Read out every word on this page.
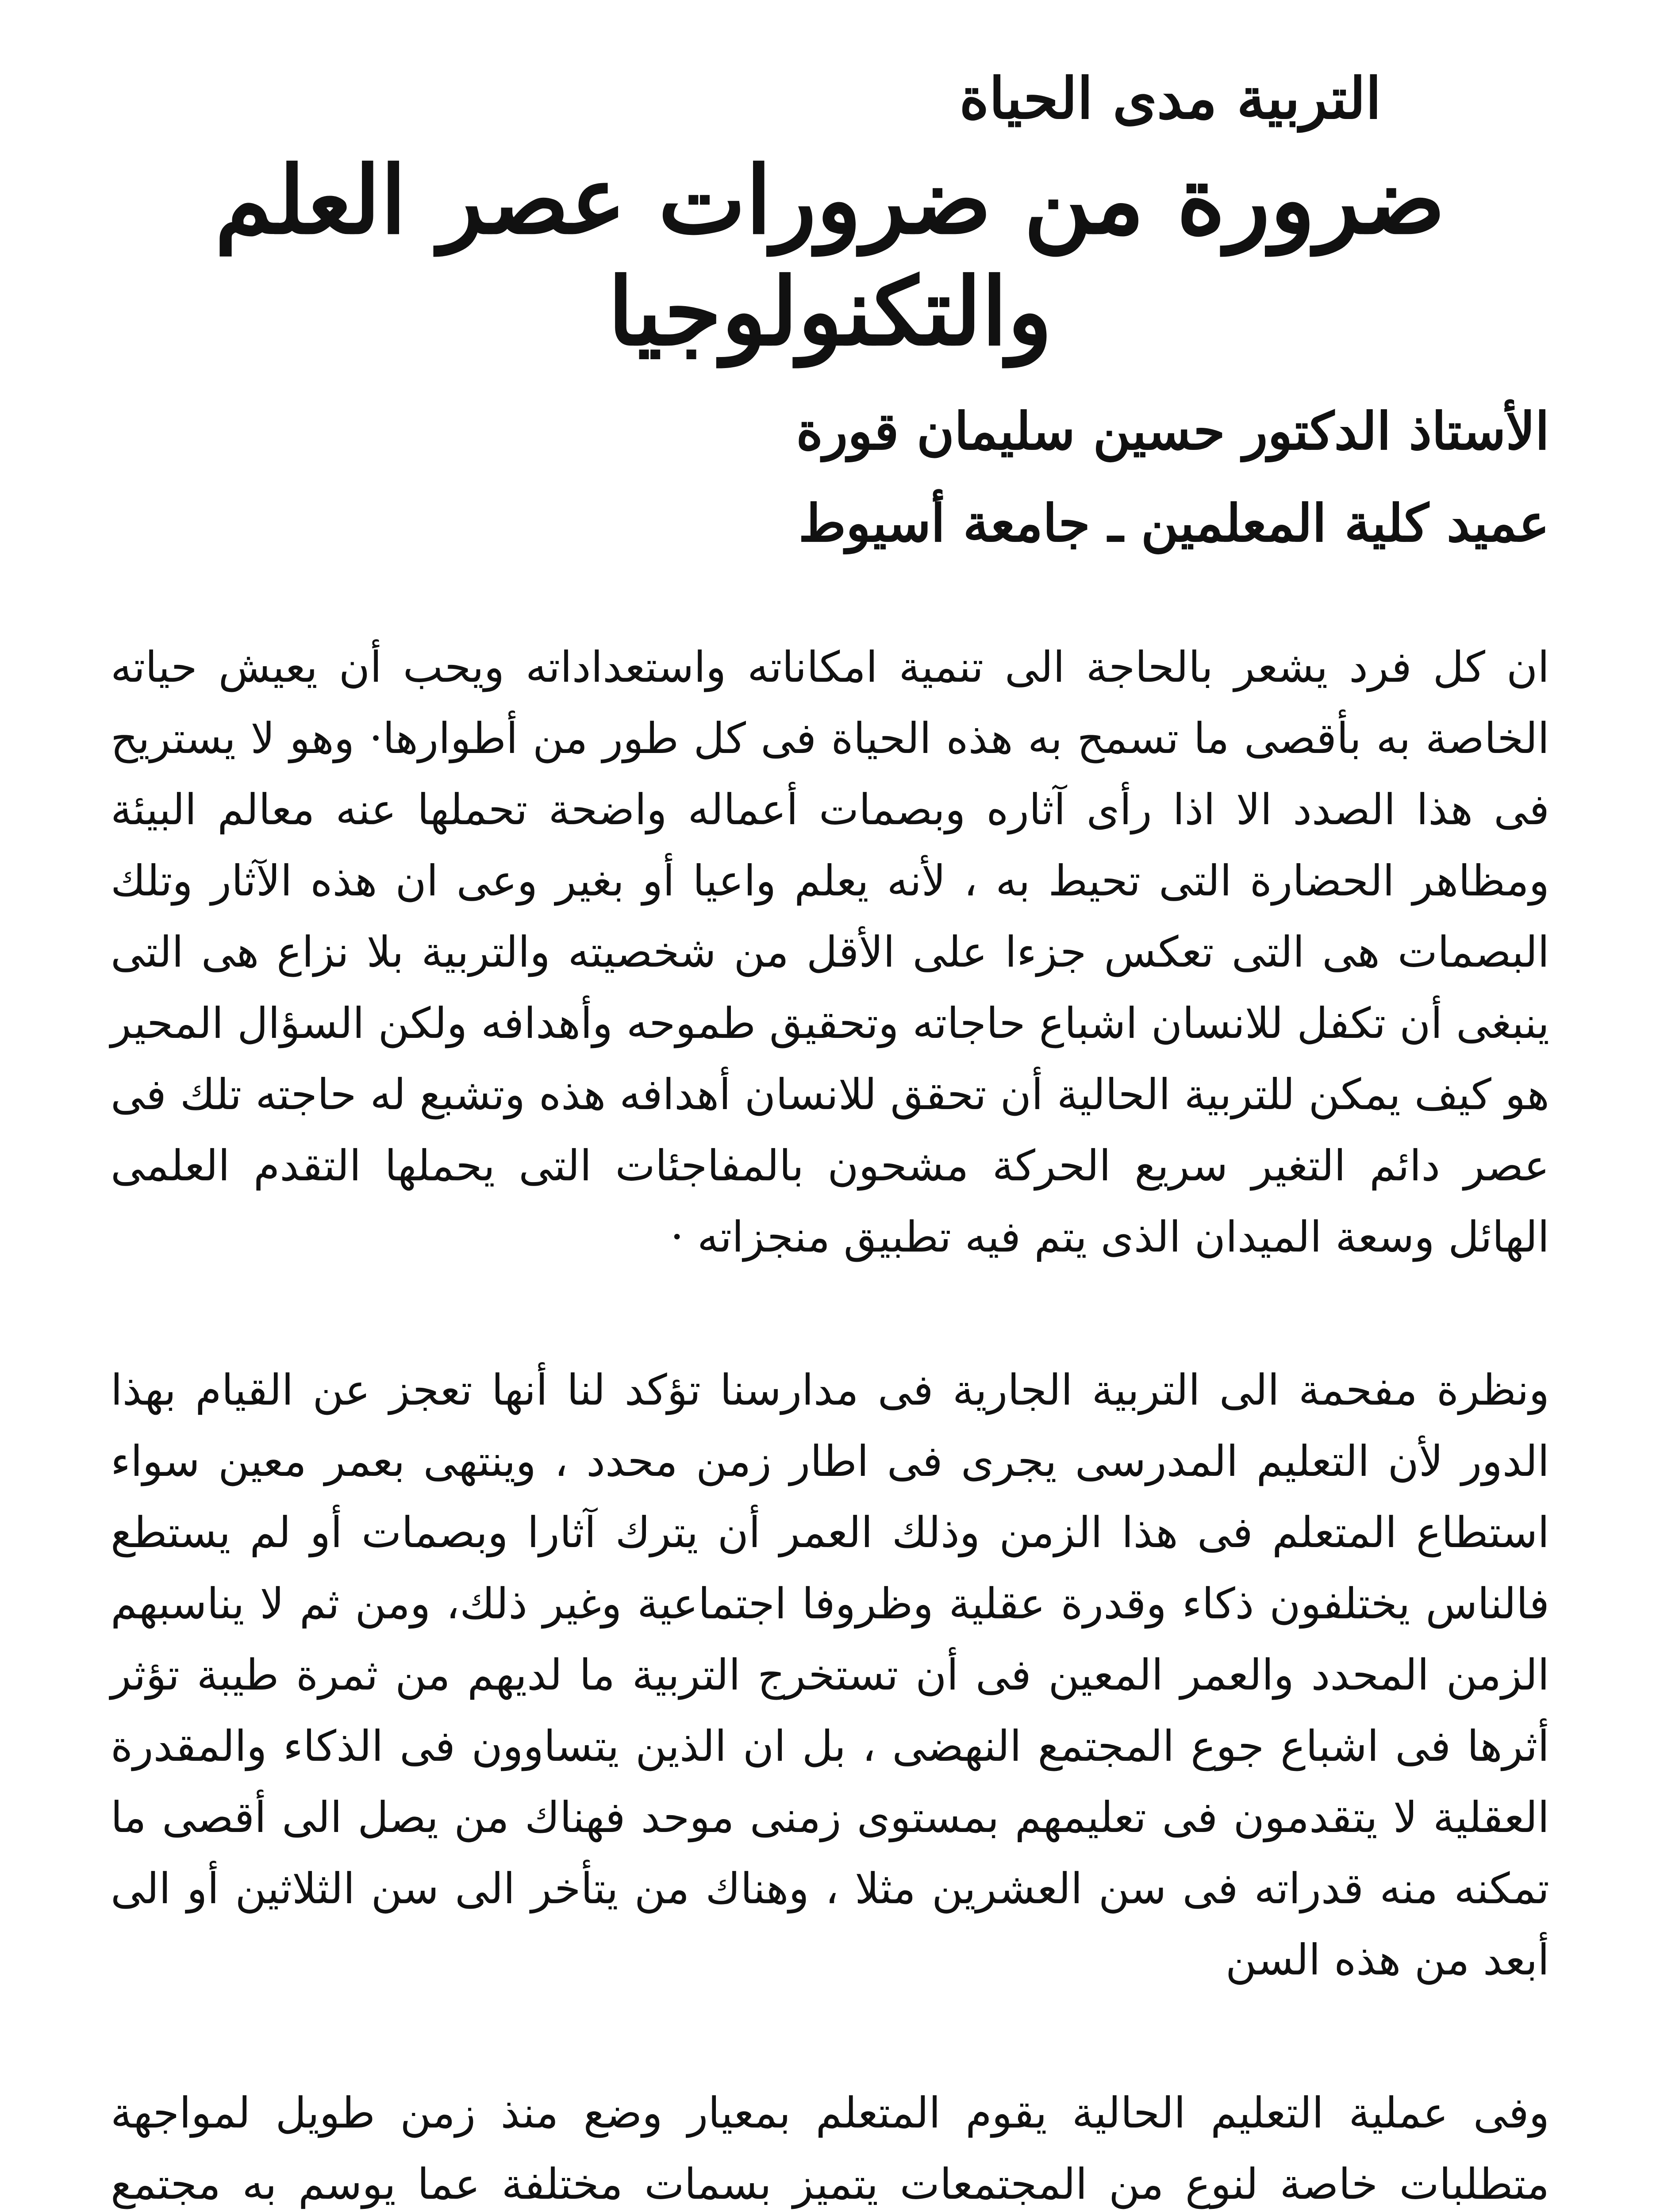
التربية مدى الحياة
ضرورة من ضرورات عصر العلم والتكنولوجيا
الأستاذ الدكتور حسين سليمان قورة
عميد كلية المعلمين ـ جامعة أسيوط

ان كل فرد يشعر بالحاجة الى تنمية امكاناته واستعداداته ويحب أن يعيش حياته الخاصة به بأقصى ما تسمح به هذه الحياة فى كل طور من أطوارها· وهو لا يستريح فى هذا الصدد الا اذا رأى آثاره وبصمات أعماله واضحة تحملها عنه معالم البيئة ومظاهر الحضارة التى تحيط به ، لأنه يعلم واعيا أو بغير وعى ان هذه الآثار وتلك البصمات هى التى تعكس جزءا على الأقل من شخصيته والتربية بلا نزاع هى التى ينبغى أن تكفل للانسان اشباع حاجاته وتحقيق طموحه وأهدافه ولكن السؤال المحير هو كيف يمكن للتربية الحالية أن تحقق للانسان أهدافه هذه وتشبع له حاجته تلك فى عصر دائم التغير سريع الحركة مشحون بالمفاجئات التى يحملها التقدم العلمى الهائل وسعة الميدان الذى يتم فيه تطبيق منجزاته ·

ونظرة مفحمة الى التربية الجارية فى مدارسنا تؤكد لنا أنها تعجز عن القيام بهذا الدور لأن التعليم المدرسى يجرى فى اطار زمن محدد ، وينتهى بعمر معين سواء استطاع المتعلم فى هذا الزمن وذلك العمر أن يترك آثارا وبصمات أو لم يستطع فالناس يختلفون ذكاء وقدرة عقلية وظروفا اجتماعية وغير ذلك، ومن ثم لا يناسبهم الزمن المحدد والعمر المعين فى أن تستخرج التربية ما لديهم من ثمرة طيبة تؤثر أثرها فى اشباع جوع المجتمع النهضى ، بل ان الذين يتساوون فى الذكاء والمقدرة العقلية لا يتقدمون فى تعليمهم بمستوى زمنى موحد فهناك من يصل الى أقصى ما تمكنه منه قدراته فى سن العشرين مثلا ، وهناك من يتأخر الى سن الثلاثين أو الى أبعد من هذه السن

وفى عملية التعليم الحالية يقوم المتعلم بمعيار وضع منذ زمن طويل لمواجهة متطلبات خاصة لنوع من المجتمعات يتميز بسمات مختلفة عما يوسم به مجتمع
